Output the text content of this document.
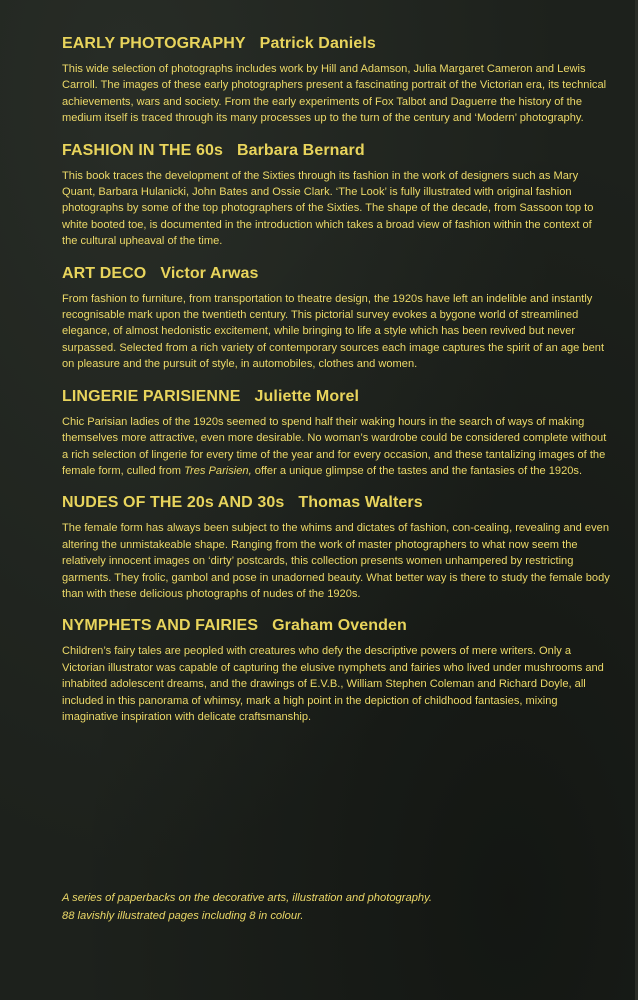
EARLY PHOTOGRAPHY Patrick Daniels

This wide selection of photographs includes work by Hill and Adamson, Julia Margaret Cameron and Lewis Carroll. The images of these early photographers present a fascinating portrait of the Victorian era, its technical achievements, wars and society. From the early experiments of Fox Talbot and Daguerre the history of the medium itself is traced through its many processes up to the turn of the century and ‘Modern’ photography.

FASHION IN THE 60s Barbara Bernard

This book traces the development of the Sixties through its fashion in the work of designers such as Mary Quant, Barbara Hulanicki, John Bates and Ossie Clark. ‘The Look’ is fully illustrated with original fashion photographs by some of the top photographers of the Sixties. The shape of the decade, from Sassoon top to white booted toe, is documented in the introduction which takes a broad view of fashion within the context of the cultural upheaval of the time.

ART DECO Victor Arwas

From fashion to furniture, from transportation to theatre design, the 1920s have left an indelible and instantly recognisable mark upon the twentieth century. This pictorial survey evokes a bygone world of streamlined elegance, of almost hedonistic excitement, while bringing to life a style which has been revived but never surpassed. Selected from a rich variety of contemporary sources each image captures the spirit of an age bent on pleasure and the pursuit of style, in automobiles, clothes and women.

LINGERIE PARISIENNE Juliette Morel

Chic Parisian ladies of the 1920s seemed to spend half their waking hours in the search of ways of making themselves more attractive, even more desirable. No woman’s wardrobe could be considered complete without a rich selection of lingerie for every time of the year and for every occasion, and these tantalizing images of the female form, culled from Tres Parisien, offer a unique glimpse of the tastes and the fantasies of the 1920s.

NUDES OF THE 20s AND 30s Thomas Walters

The female form has always been subject to the whims and dictates of fashion, con-cealing, revealing and even altering the unmistakeable shape. Ranging from the work of master photographers to what now seem the relatively innocent images on ‘dirty’ postcards, this collection presents women unhampered by restricting garments. They frolic, gambol and pose in unadorned beauty. What better way is there to study the female body than with these delicious photographs of nudes of the 1920s.

NYMPHETS AND FAIRIES Graham Ovenden

Children’s fairy tales are peopled with creatures who defy the descriptive powers of mere writers. Only a Victorian illustrator was capable of capturing the elusive nymphets and fairies who lived under mushrooms and inhabited adolescent dreams, and the drawings of E.V.B., William Stephen Coleman and Richard Doyle, all included in this panorama of whimsy, mark a high point in the depiction of childhood fantasies, mixing imaginative inspiration with delicate craftsmanship.

A series of paperbacks on the decorative arts, illustration and photography.

88 lavishly illustrated pages including 8 in colour.
